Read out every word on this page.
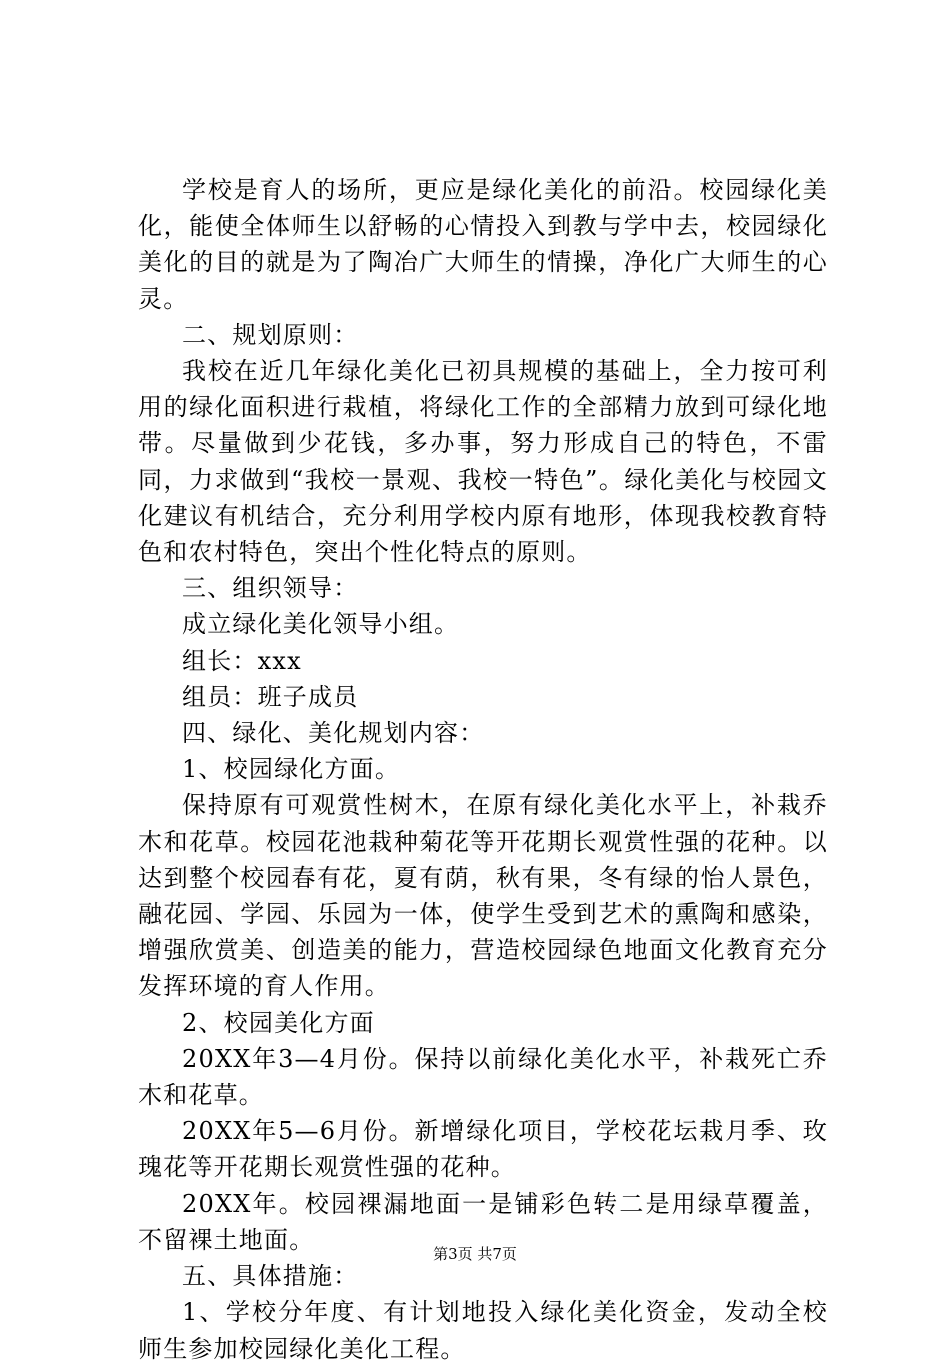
学校是育人的场所，更应是绿化美化的前沿。校园绿化美化，能使全体师生以舒畅的心情投入到教与学中去，校园绿化美化的目的就是为了陶冶广大师生的情操，净化广大师生的心灵。

二、规划原则：

我校在近几年绿化美化已初具规模的基础上，全力按可利用的绿化面积进行栽植，将绿化工作的全部精力放到可绿化地带。尽量做到少花钱，多办事，努力形成自己的特色，不雷同，力求做到“我校一景观、我校一特色”。绿化美化与校园文化建议有机结合，充分利用学校内原有地形，体现我校教育特色和农村特色，突出个性化特点的原则。

三、组织领导：

成立绿化美化领导小组。

组长：xxx

组员：班子成员

四、绿化、美化规划内容：

1、校园绿化方面。

保持原有可观赏性树木，在原有绿化美化水平上，补栽乔木和花草。校园花池栽种菊花等开花期长观赏性强的花种。以达到整个校园春有花，夏有荫，秋有果，冬有绿的怡人景色，融花园、学园、乐园为一体，使学生受到艺术的熏陶和感染，增强欣赏美、创造美的能力，营造校园绿色地面文化教育充分发挥环境的育人作用。

2、校园美化方面

20XX年3—4月份。保持以前绿化美化水平，补栽死亡乔木和花草。

20XX年5—6月份。新增绿化项目，学校花坛栽月季、玫瑰花等开花期长观赏性强的花种。

20XX年。校园裸漏地面一是铺彩色转二是用绿草覆盖，不留裸土地面。

五、具体措施：

1、学校分年度、有计划地投入绿化美化资金，发动全校师生参加校园绿化美化工程。

第3页 共7页
